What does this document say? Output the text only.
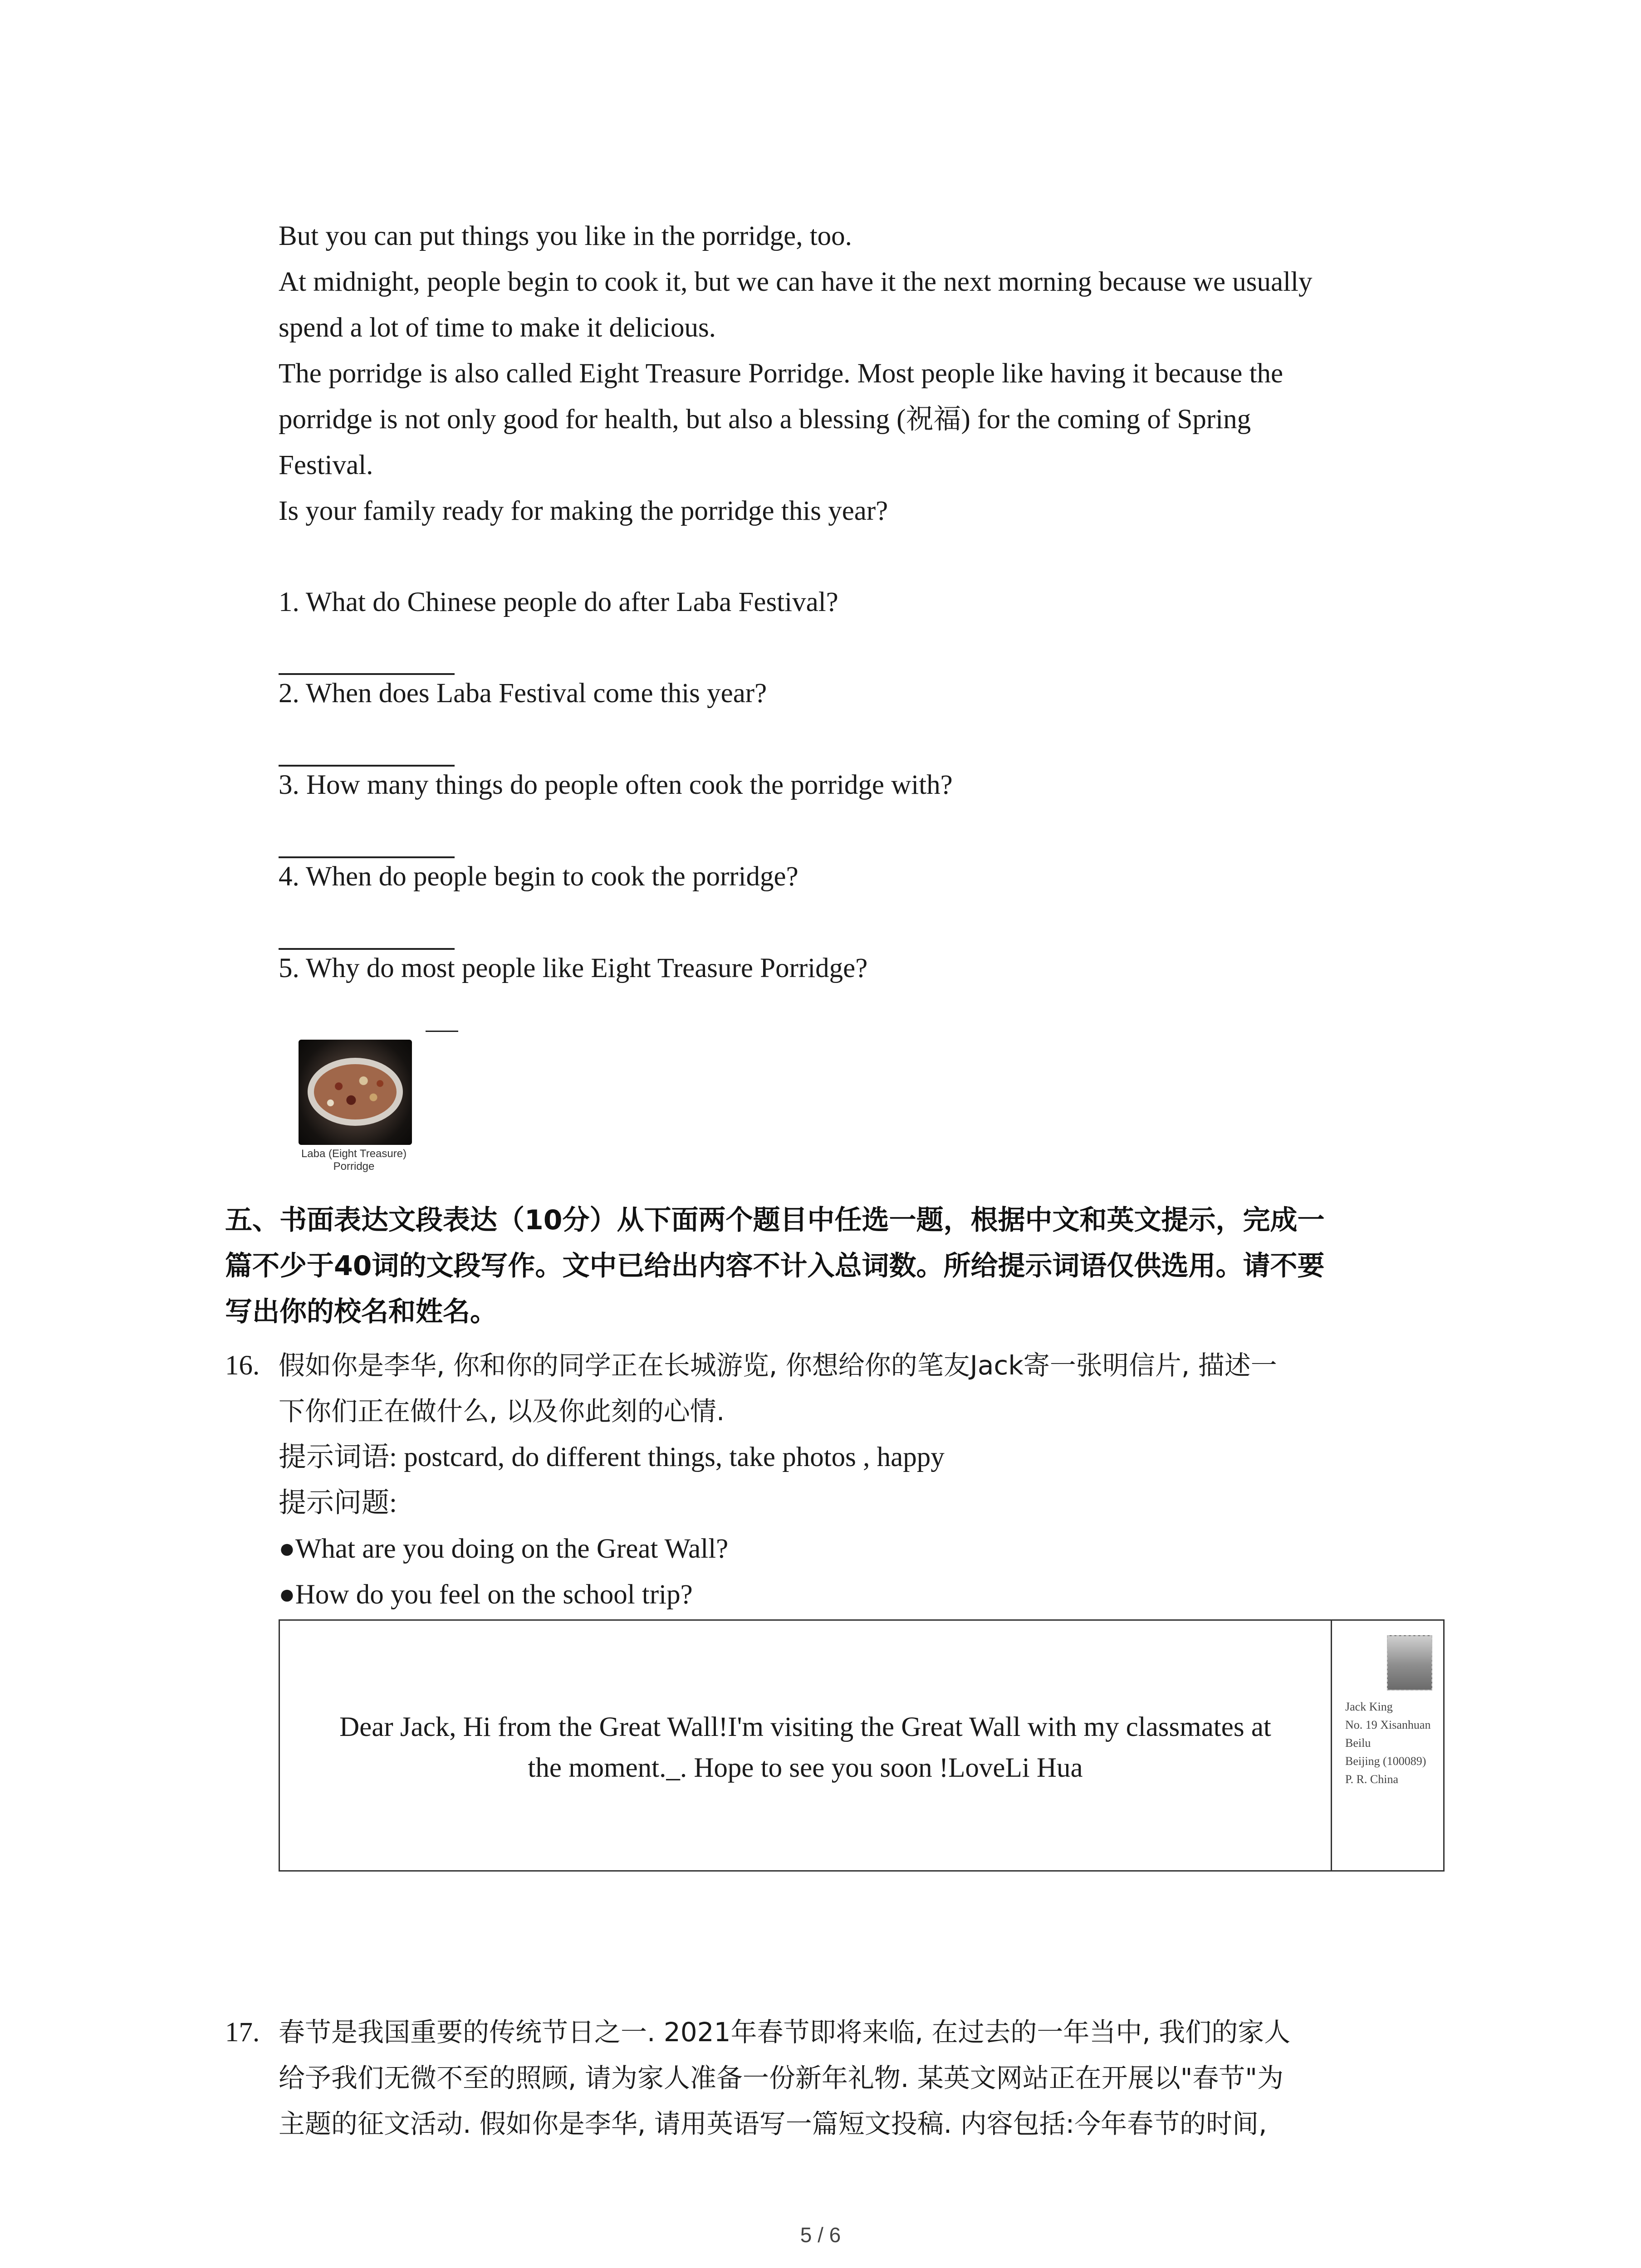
But you can put things you like in the porridge, too.

At midnight, people begin to cook it, but we can have it the next morning because we usually

spend a lot of time to make it delicious.

The porridge is also called Eight Treasure Porridge. Most people like having it because the

porridge is not only good for health, but also a blessing (祝福) for the coming of Spring

Festival.

Is your family ready for making the porridge this year?

1. What do Chinese people do after Laba Festival?

2. When does Laba Festival come this year?

3. How many things do people often cook the porridge with?

4. When do people begin to cook the porridge?

5. Why do most people like Eight Treasure Porridge?

Laba (Eight Treasure)
Porridge

五、书面表达文段表达（10分）从下面两个题目中任选一题，根据中文和英文提示，完成一

篇不少于40词的文段写作。文中已给出内容不计入总词数。所给提示词语仅供选用。请不要

写出你的校名和姓名。

16. 假如你是李华, 你和你的同学正在长城游览, 你想给你的笔友Jack寄一张明信片, 描述一

下你们正在做什么, 以及你此刻的心情.

提示词语: postcard, do different things, take photos , happy

提示问题:

●What are you doing on the Great Wall?

●How do you feel on the school trip?

Dear Jack, Hi from the Great Wall!I'm visiting the Great Wall with my classmates at
the moment._. Hope to see you soon !LoveLi Hua
Jack King
No. 19 Xisanhuan
Beilu
Beijing (100089)
P. R. China

17. 春节是我国重要的传统节日之一. 2021年春节即将来临, 在过去的一年当中, 我们的家人

给予我们无微不至的照顾, 请为家人准备一份新年礼物. 某英文网站正在开展以"春节"为

主题的征文活动. 假如你是李华, 请用英语写一篇短文投稿. 内容包括:今年春节的时间,

5 / 6
